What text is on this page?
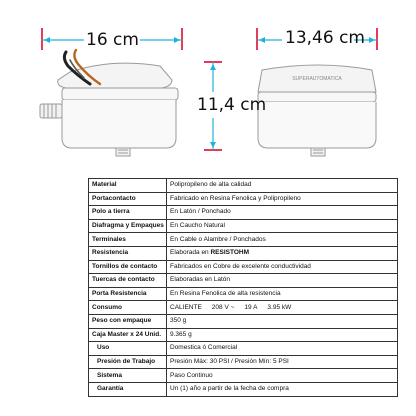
SUPERAUTOMATICA
16 cm	13,46 cm
11,4 cm
Material	Polipropileno de alta calidad
Portacontacto	Fabricado en Resina Fenolica y Polipropileno
Polo a tierra	En Latón / Ponchado
Diafragma y Empaques	En Caucho Natural
Terminales	En Cable o Alambre / Ponchados
Resistencia	Elaborada en RESISTOHM
Tornillos de contacto	Fabricados en Cobre de excelente conductividad
Tuercas de contacto	Elaboradas en Latón
Porta Resistencia	En Resina Fenolica de alta resistencia
Consumo	CALIENTE 208 V ~ 19 A 3.95 kW
Peso con empaque	350 g
Caja Master x 24 Unid.	9.365 g
Uso	Domestica ó Comercial
Presión de Trabajo	Presión Máx: 30 PSI / Presión Mín: 5 PSI
Sistema	Paso Continuo
Garantía	Un (1) año a partir de la fecha de compra
